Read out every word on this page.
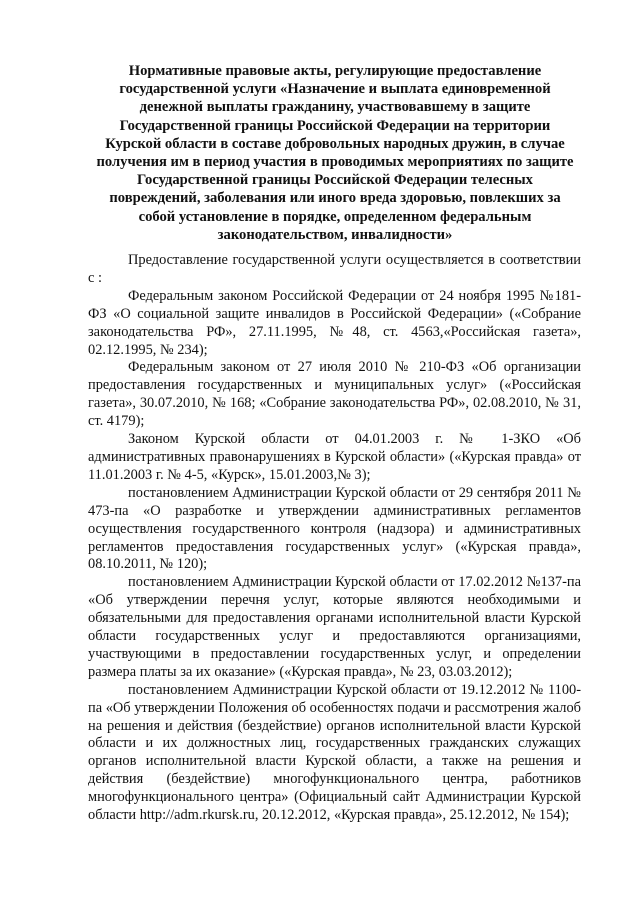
Нормативные правовые акты, регулирующие предоставление государственной услуги «Назначение и выплата единовременной денежной выплаты гражданину, участвовавшему в защите Государственной границы Российской Федерации на территории Курской области в составе добровольных народных дружин, в случае получения им в период участия в проводимых мероприятиях по защите Государственной границы Российской Федерации телесных повреждений, заболевания или иного вреда здоровью, повлекших за собой установление в порядке, определенном федеральным законодательством, инвалидности»

Предоставление государственной услуги осуществляется в соответствии с :

Федеральным законом Российской Федерации от 24 ноября 1995 №181-ФЗ «О социальной защите инвалидов в Российской Федерации» («Собрание законодательства РФ», 27.11.1995, №48, ст. 4563,«Российская газета», 02.12.1995, № 234);

Федеральным законом от 27 июля 2010 № 210-ФЗ «Об организации предоставления государственных и муниципальных услуг» («Российская газета», 30.07.2010, № 168; «Собрание законодательства РФ», 02.08.2010, № 31, ст. 4179);

Законом Курской области от 04.01.2003 г. № 1-ЗКО «Об административных правонарушениях в Курской области» («Курская правда» от 11.01.2003 г. № 4-5, «Курск», 15.01.2003,№ 3);

постановлением Администрации Курской области от 29 сентября 2011 № 473-па «О разработке и утверждении административных регламентов осуществления государственного контроля (надзора) и административных регламентов предоставления государственных услуг» («Курская правда», 08.10.2011, № 120);

постановлением Администрации Курской области от 17.02.2012 №137-па «Об утверждении перечня услуг, которые являются необходимыми и обязательными для предоставления органами исполнительной власти Курской области государственных услуг и предоставляются организациями, участвующими в предоставлении государственных услуг, и определении размера платы за их оказание» («Курская правда», № 23, 03.03.2012);

постановлением Администрации Курской области от 19.12.2012 № 1100-па «Об утверждении Положения об особенностях подачи и рассмотрения жалоб на решения и действия (бездействие) органов исполнительной власти Курской области и их должностных лиц, государственных гражданских служащих органов исполнительной власти Курской области, а также на решения и действия (бездействие) многофункционального центра, работников многофункционального центра» (Официальный сайт Администрации Курской области http://adm.rkursk.ru, 20.12.2012, «Курская правда», 25.12.2012, № 154);
